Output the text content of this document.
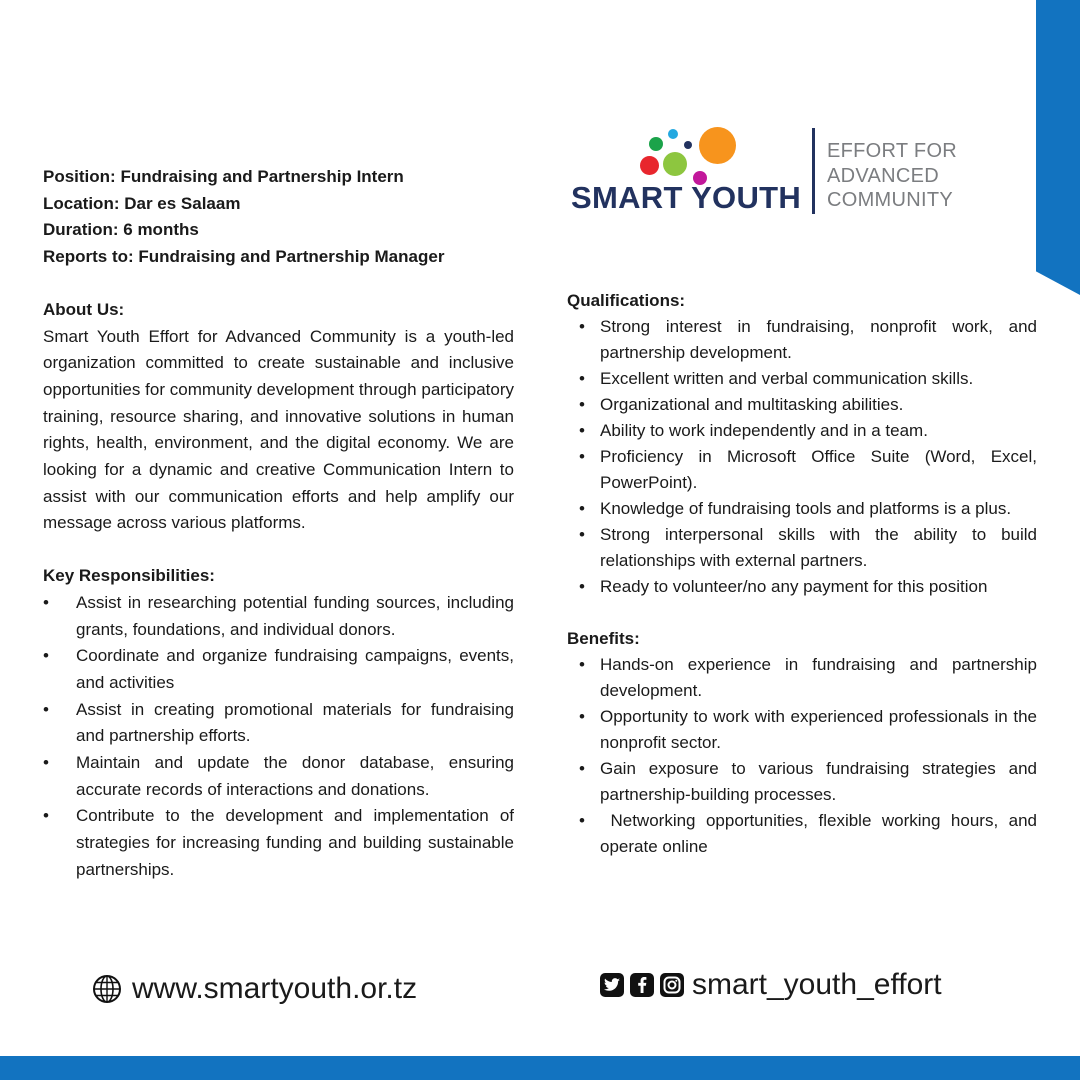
SMART YOUTH
EFFORT FOR
ADVANCED
COMMUNITY
Position: Fundraising and Partnership Intern
Location: Dar es Salaam
Duration: 6 months
Reports to: Fundraising and Partnership Manager
About Us:

Smart Youth Effort for Advanced Community is a youth-led organization committed to create sustainable and inclusive opportunities for community development through participatory training, resource sharing, and innovative solutions in human rights, health, environment, and the digital economy. We are looking for a dynamic and creative Communication Intern to assist with our communication efforts and help amplify our message across various platforms.

Key Responsibilities:
• Assist in researching potential funding sources, including grants, foundations, and individual donors.
• Coordinate and organize fundraising campaigns, events, and activities
• Assist in creating promotional materials for fundraising and partnership efforts.
• Maintain and update the donor database, ensuring accurate records of interactions and donations.
• Contribute to the development and implementation of strategies for increasing funding and building sustainable partnerships.
Qualifications:
• Strong interest in fundraising, nonprofit work, and partnership development.
• Excellent written and verbal communication skills.
• Organizational and multitasking abilities.
• Ability to work independently and in a team.
• Proficiency in Microsoft Office Suite (Word, Excel, PowerPoint).
• Knowledge of fundraising tools and platforms is a plus.
• Strong interpersonal skills with the ability to build relationships with external partners.
• Ready to volunteer/no any payment for this position
Benefits:
• Hands-on experience in fundraising and partnership development.
• Opportunity to work with experienced professionals in the nonprofit sector.
• Gain exposure to various fundraising strategies and partnership-building processes.
•  Networking opportunities, flexible working hours, and operate online
www.smartyouth.or.tz	smart_youth_effort
